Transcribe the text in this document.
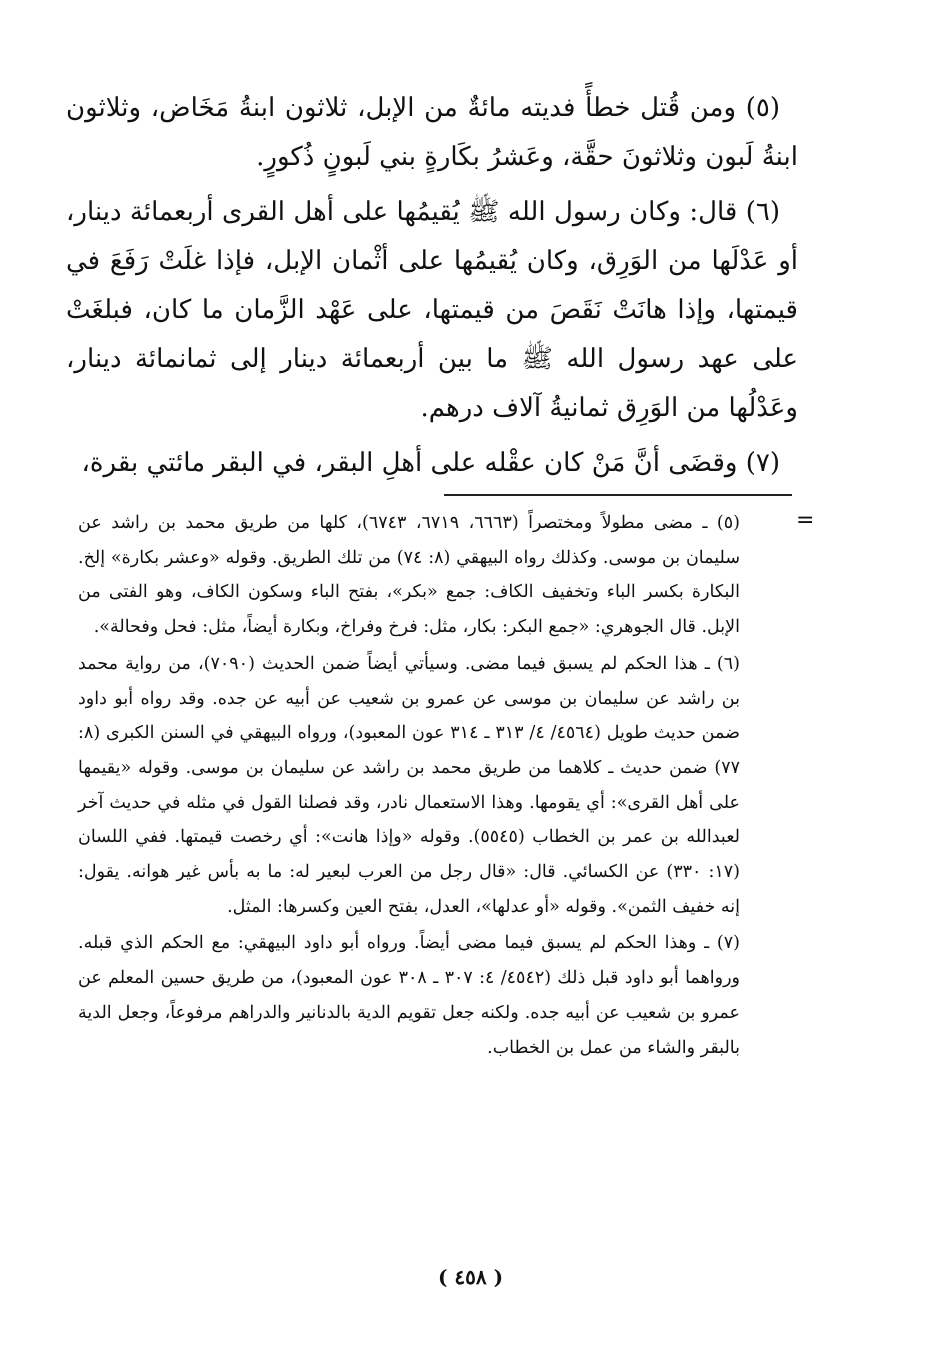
(٥) ومن قُتل خطأً فديته مائةٌ من الإبل، ثلاثون ابنةُ مَخَاض، وثلاثون ابنةُ لَبون وثلاثونَ حقَّة، وعَشرُ بكَارةٍ بني لَبونٍ ذُكورٍ.

(٦) قال: وكان رسول الله ﷺ يُقيمُها على أهل القرى أربعمائة دينار، أو عَدْلَها من الوَرِق، وكان يُقيمُها على أثْمان الإبل، فإذا غلَتْ رَفَعَ في قيمتها، وإذا هانَتْ نَقَصَ من قيمتها، على عَهْد الزَّمان ما كان، فبلغَتْ على عهد رسول الله ﷺ ما بين أربعمائة دينار إلى ثمانمائة دينار، وعَدْلُها من الوَرِق ثمانيةُ آلاف درهم.

(٧) وقضَى أنَّ مَنْ كان عقْله على أهلِ البقر، في البقر مائتي بقرة،

=

(٥) ـ مضى مطولاً ومختصراً (٦٦٦٣، ٦٧١٩، ٦٧٤٣)، كلها من طريق محمد بن راشد عن سليمان بن موسى. وكذلك رواه البيهقي (٨: ٧٤) من تلك الطريق. وقوله «وعشر بكارة» إلخ. البكارة بكسر الباء وتخفيف الكاف: جمع «بكر»، بفتح الباء وسكون الكاف، وهو الفتى من الإبل. قال الجوهري: «جمع البكر: بكار، مثل: فرخ وفراخ، وبكارة أيضاً، مثل: فحل وفحالة».

(٦) ـ هذا الحكم لم يسبق فيما مضى. وسيأتي أيضاً ضمن الحديث (٧٠٩٠)، من رواية محمد بن راشد عن سليمان بن موسى عن عمرو بن شعيب عن أبيه عن جده. وقد رواه أبو داود ضمن حديث طويل (٤٥٦٤/ ٤/ ٣١٣ ـ ٣١٤ عون المعبود)، ورواه البيهقي في السنن الكبرى (٨: ٧٧) ضمن حديث ـ كلاهما من طريق محمد بن راشد عن سليمان بن موسى. وقوله «يقيمها على أهل القرى»: أي يقومها. وهذا الاستعمال نادر، وقد فصلنا القول في مثله في حديث آخر لعبدالله بن عمر بن الخطاب (٥٥٤٥). وقوله «وإذا هانت»: أي رخصت قيمتها. ففي اللسان (١٧: ٣٣٠) عن الكسائي. قال: «قال رجل من العرب لبعير له: ما به بأس غير هوانه. يقول: إنه خفيف الثمن». وقوله «أو عدلها»، العدل، بفتح العين وكسرها: المثل.

(٧) ـ وهذا الحكم لم يسبق فيما مضى أيضاً. ورواه أبو داود البيهقي: مع الحكم الذي قبله. ورواهما أبو داود قبل ذلك (٤٥٤٢/ ٤: ٣٠٧ ـ ٣٠٨ عون المعبود)، من طريق حسين المعلم عن عمرو بن شعيب عن أبيه جده. ولكنه جعل تقويم الدية بالدنانير والدراهم مرفوعاً، وجعل الدية بالبقر والشاء من عمل بن الخطاب.

( ٤٥٨ )
